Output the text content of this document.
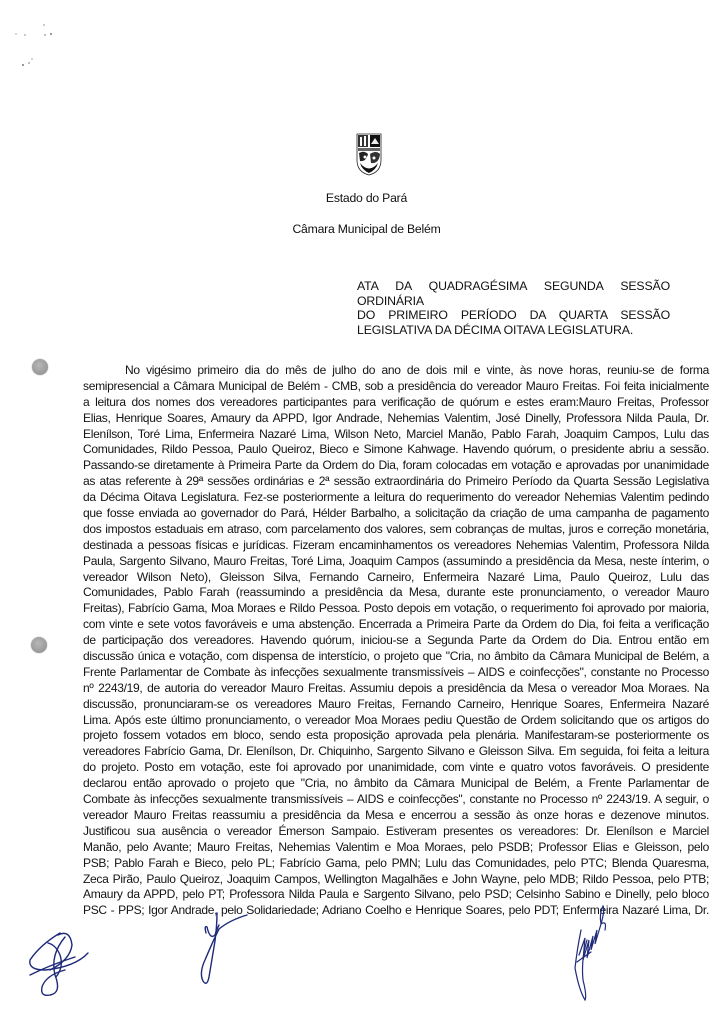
Estado do Pará
Câmara Municipal de Belém
ATA DA QUADRAGÉSIMA SEGUNDA SESSÃO ORDINÁRIA
DO PRIMEIRO PERÍODO DA QUARTA SESSÃO
LEGISLATIVA DA DÉCIMA OITAVA LEGISLATURA.
No vigésimo primeiro dia do mês de julho do ano de dois mil e vinte, às nove horas, reuniu-se de forma
semipresencial a Câmara Municipal de Belém - CMB, sob a presidência do vereador Mauro Freitas. Foi feita inicialmente
a leitura dos nomes dos vereadores participantes para verificação de quórum e estes eram:Mauro Freitas, Professor
Elias, Henrique Soares, Amaury da APPD, Igor Andrade, Nehemias Valentim, José Dinelly, Professora Nilda Paula, Dr.
Elenílson, Toré Lima, Enfermeira Nazaré Lima, Wilson Neto, Marciel Manão, Pablo Farah, Joaquim Campos, Lulu das
Comunidades, Rildo Pessoa, Paulo Queiroz, Bieco e Simone Kahwage. Havendo quórum, o presidente abriu a sessão.
Passando-se diretamente à Primeira Parte da Ordem do Dia, foram colocadas em votação e aprovadas por unanimidade
as atas referente à 29ª sessões ordinárias e 2ª sessão extraordinária do Primeiro Período da Quarta Sessão Legislativa
da Décima Oitava Legislatura. Fez-se posteriormente a leitura do requerimento do vereador Nehemias Valentim pedindo
que fosse enviada ao governador do Pará, Hélder Barbalho, a solicitação da criação de uma campanha de pagamento
dos impostos estaduais em atraso, com parcelamento dos valores, sem cobranças de multas, juros e correção monetária,
destinada a pessoas físicas e jurídicas. Fizeram encaminhamentos os vereadores Nehemias Valentim, Professora Nilda
Paula, Sargento Silvano, Mauro Freitas, Toré Lima, Joaquim Campos (assumindo a presidência da Mesa, neste ínterim, o
vereador Wilson Neto), Gleisson Silva, Fernando Carneiro, Enfermeira Nazaré Lima, Paulo Queiroz, Lulu das
Comunidades, Pablo Farah (reassumindo a presidência da Mesa, durante este pronunciamento, o vereador Mauro
Freitas), Fabrício Gama, Moa Moraes e Rildo Pessoa. Posto depois em votação, o requerimento foi aprovado por maioria,
com vinte e sete votos favoráveis e uma abstenção. Encerrada a Primeira Parte da Ordem do Dia, foi feita a verificação
de participação dos vereadores. Havendo quórum, iniciou-se a Segunda Parte da Ordem do Dia. Entrou então em
discussão única e votação, com dispensa de interstício, o projeto que "Cria, no âmbito da Câmara Municipal de Belém, a
Frente Parlamentar de Combate às infecções sexualmente transmissíveis – AIDS e coinfecções", constante no Processo
nº 2243/19, de autoria do vereador Mauro Freitas. Assumiu depois a presidência da Mesa o vereador Moa Moraes. Na
discussão, pronunciaram-se os vereadores Mauro Freitas, Fernando Carneiro, Henrique Soares, Enfermeira Nazaré
Lima. Após este último pronunciamento, o vereador Moa Moraes pediu Questão de Ordem solicitando que os artigos do
projeto fossem votados em bloco, sendo esta proposição aprovada pela plenária. Manifestaram-se posteriormente os
vereadores Fabrício Gama, Dr. Elenílson, Dr. Chiquinho, Sargento Silvano e Gleisson Silva. Em seguida, foi feita a leitura
do projeto. Posto em votação, este foi aprovado por unanimidade, com vinte e quatro votos favoráveis. O presidente
declarou então aprovado o projeto que "Cria, no âmbito da Câmara Municipal de Belém, a Frente Parlamentar de
Combate às infecções sexualmente transmissíveis – AIDS e coinfecções", constante no Processo nº 2243/19. A seguir, o
vereador Mauro Freitas reassumiu a presidência da Mesa e encerrou a sessão às onze horas e dezenove minutos.
Justificou sua ausência o vereador Émerson Sampaio. Estiveram presentes os vereadores: Dr. Elenílson e Marciel
Manão, pelo Avante; Mauro Freitas, Nehemias Valentim e Moa Moraes, pelo PSDB; Professor Elias e Gleisson, pelo
PSB; Pablo Farah e Bieco, pelo PL; Fabrício Gama, pelo PMN; Lulu das Comunidades, pelo PTC; Blenda Quaresma,
Zeca Pirão, Paulo Queiroz, Joaquim Campos, Wellington Magalhães e John Wayne, pelo MDB; Rildo Pessoa, pelo PTB;
Amaury da APPD, pelo PT; Professora Nilda Paula e Sargento Silvano, pelo PSD; Celsinho Sabino e Dinelly, pelo bloco
PSC - PPS; Igor Andrade, pelo Solidariedade; Adriano Coelho e Henrique Soares, pelo PDT; Enfermeira Nazaré Lima, Dr.
